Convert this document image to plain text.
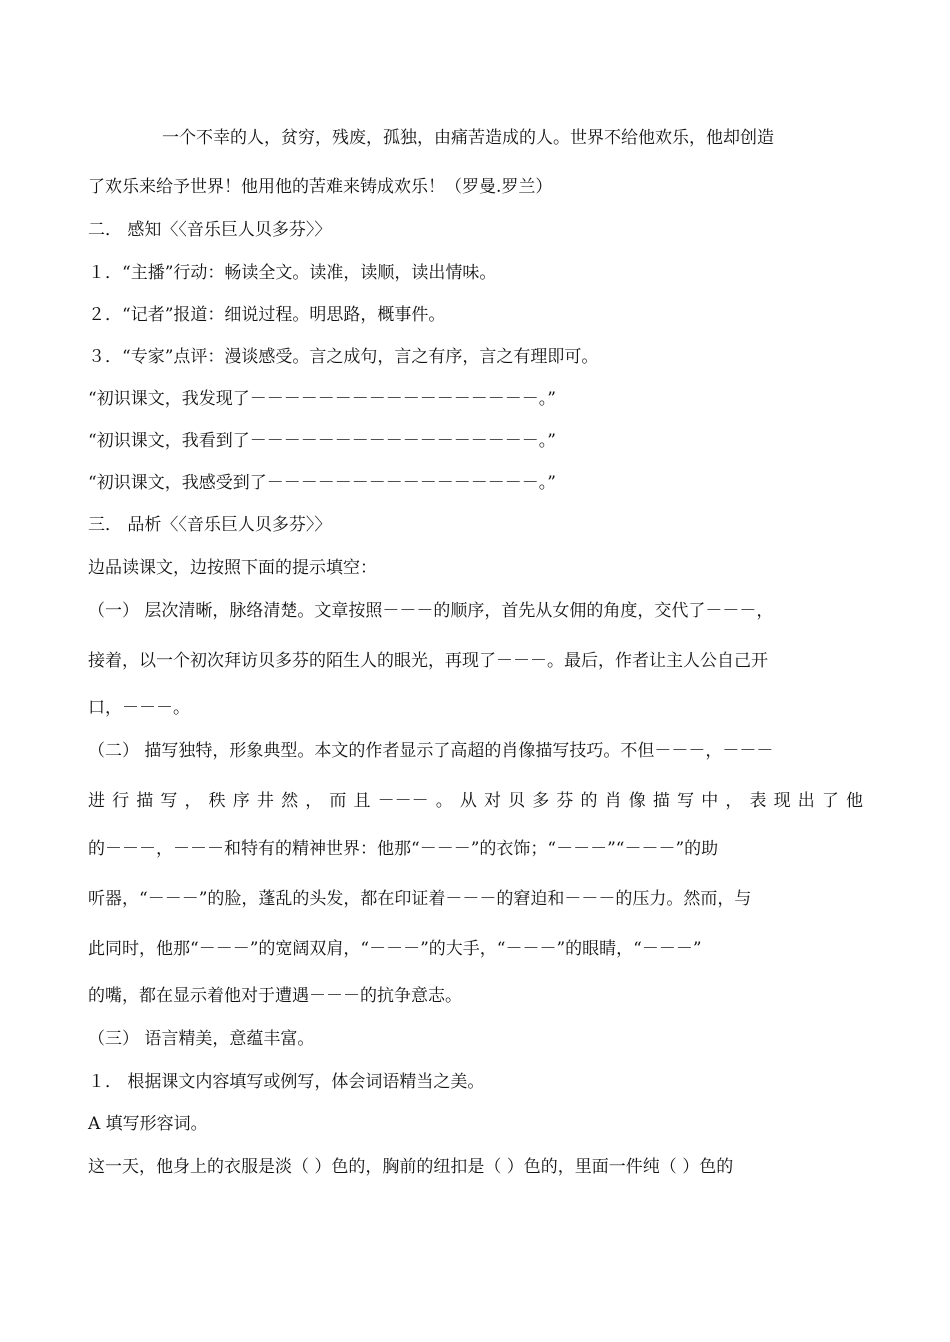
一个不幸的人，贫穷，残废，孤独，由痛苦造成的人。世界不给他欢乐，他却创造
了欢乐来给予世界！他用他的苦难来铸成欢乐！（罗曼.罗兰）
二． 感知〈〈音乐巨人贝多芬〉〉
１．“主播”行动：畅读全文。读准，读顺，读出情味。
２．“记者”报道：细说过程。明思路，概事件。
３．“专家”点评：漫谈感受。言之成句，言之有序，言之有理即可。
“初识课文，我发现了－－－－－－－－－－－－－－－－－。”
“初识课文，我看到了－－－－－－－－－－－－－－－－－。”
“初识课文，我感受到了－－－－－－－－－－－－－－－－。”
三． 品析〈〈音乐巨人贝多芬〉〉
边品读课文，边按照下面的提示填空：
（一） 层次清晰，脉络清楚。文章按照－－－的顺序，首先从女佣的角度，交代了－－－，
接着，以一个初次拜访贝多芬的陌生人的眼光，再现了－－－。最后，作者让主人公自己开
口，－－－。
（二） 描写独特，形象典型。本文的作者显示了高超的肖像描写技巧。不但－－－，－－－
进行描写，秩序井然，而且－－－。从对贝多芬的肖像描写中，表现出了他
的－－－，－－－和特有的精神世界：他那“－－－”的衣饰；“－－－”“－－－”的助
听器，“－－－”的脸，蓬乱的头发，都在印证着－－－的窘迫和－－－的压力。然而，与
此同时，他那“－－－”的宽阔双肩，“－－－”的大手，“－－－”的眼睛，“－－－”
的嘴，都在显示着他对于遭遇－－－的抗争意志。
（三） 语言精美，意蕴丰富。
１． 根据课文内容填写或例写，体会词语精当之美。
A 填写形容词。
这一天，他身上的衣服是淡（ ）色的，胸前的纽扣是（ ）色的，里面一件纯（ ）色的
